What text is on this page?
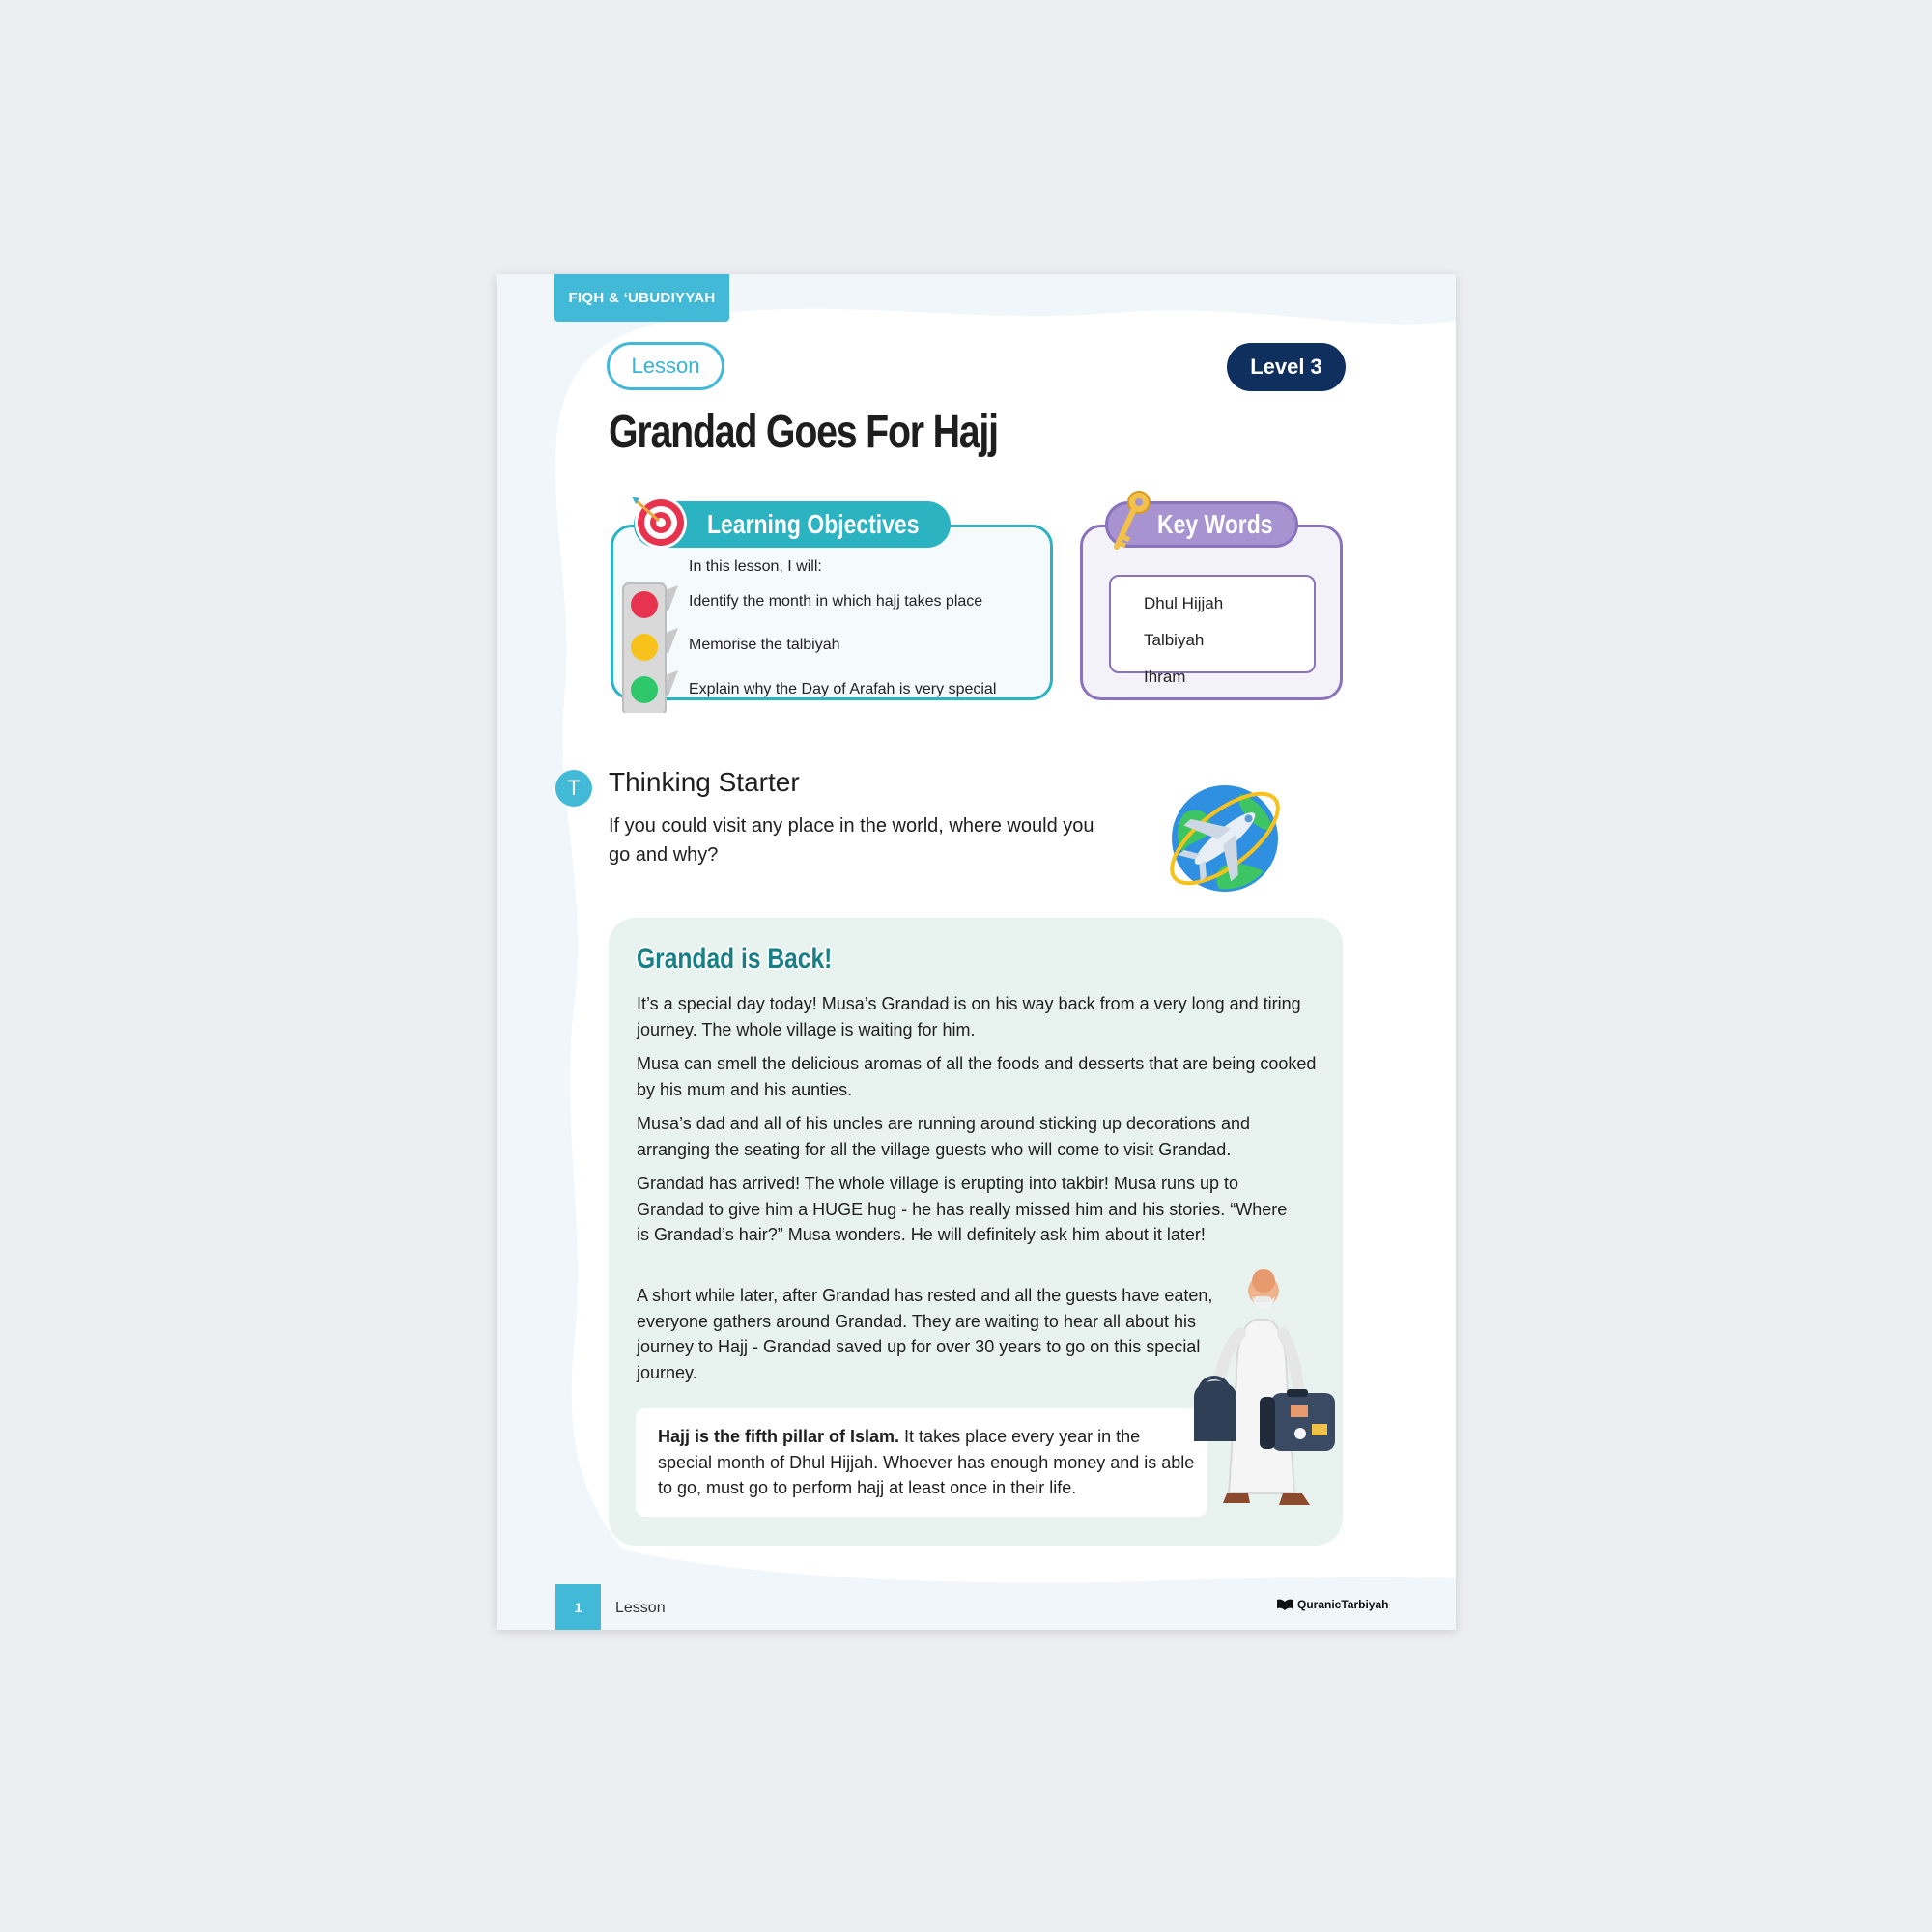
FIQH & ‘UBUDIYYAH
Lesson	Level 3
Grandad Goes For Hajj
Learning Objectives
In this lesson, I will:
Identify the month in which hajj takes place
Memorise the talbiyah
Explain why the Day of Arafah is very special
Key Words
Dhul Hijjah
Talbiyah
Ihram
T	Thinking Starter
If you could visit any place in the world, where would you go and why?
Grandad is Back!

It’s a special day today! Musa’s Grandad is on his way back from a very long and tiring journey. The whole village is waiting for him.

Musa can smell the delicious aromas of all the foods and desserts that are being cooked by his mum and his aunties.

Musa’s dad and all of his uncles are running around sticking up decorations and arranging the seating for all the village guests who will come to visit Grandad.

Grandad has arrived! The whole village is erupting into takbir! Musa runs up to Grandad to give him a HUGE hug - he has really missed him and his stories. “Where is Grandad’s hair?” Musa wonders. He will definitely ask him about it later!

A short while later, after Grandad has rested and all the guests have eaten, everyone gathers around Grandad. They are waiting to hear all about his journey to Hajj - Grandad saved up for over 30 years to go on this special journey.

Hajj is the fifth pillar of Islam. It takes place every year in the special month of Dhul Hijjah. Whoever has enough money and is able to go, must go to perform hajj at least once in their life.

1	Lesson	QuranicTarbiyah
